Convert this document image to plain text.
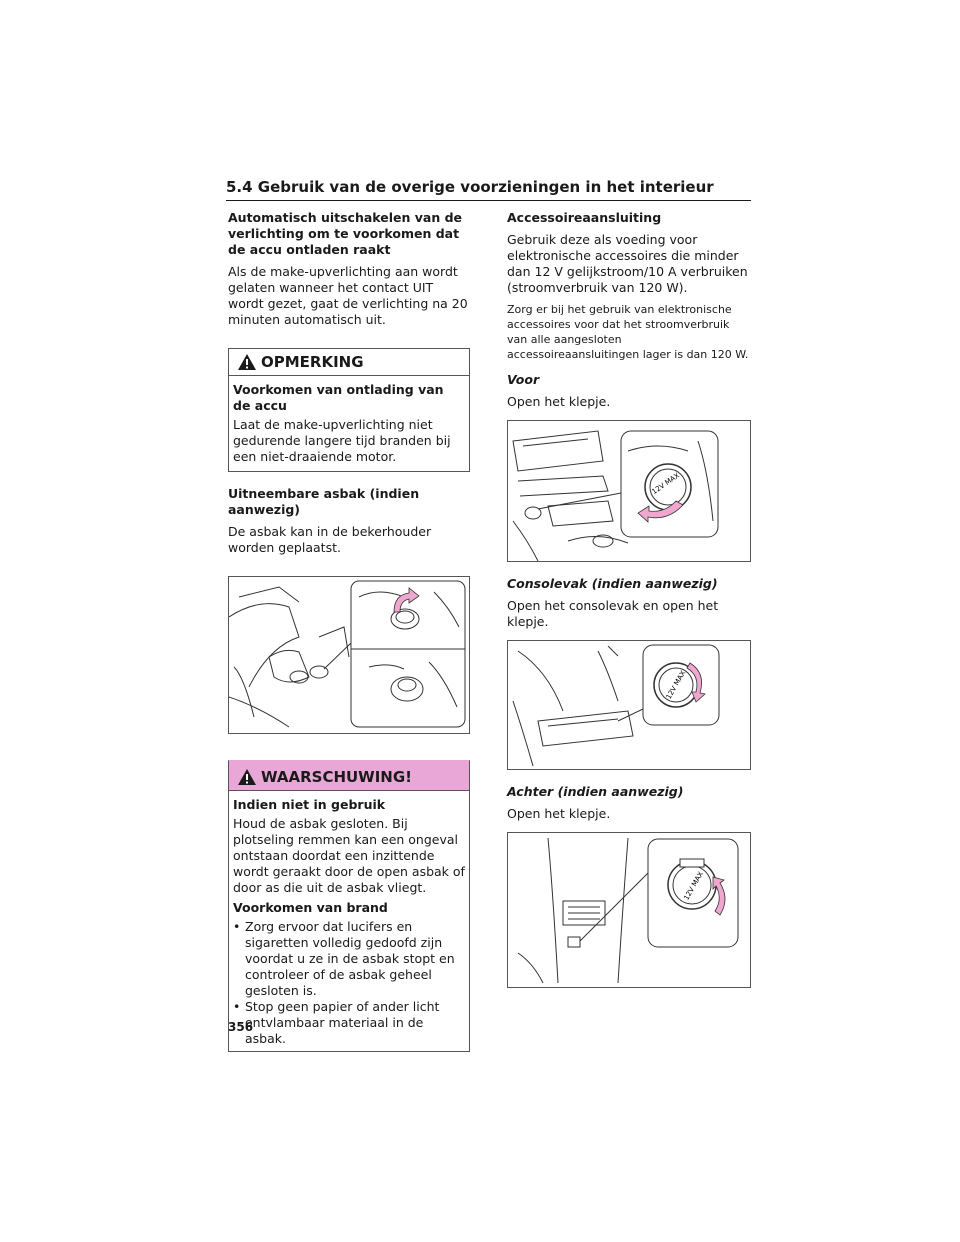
5.4 Gebruik van de overige voorzieningen in het interieur
Automatisch uitschakelen van de verlichting om te voorkomen dat de accu ontladen raakt

Als de make-upverlichting aan wordt gelaten wanneer het contact UIT wordt gezet, gaat de verlichting na 20 minuten automatisch uit.

OPMERKING
Voorkomen van ontlading van de accu

Laat de make-upverlichting niet gedurende langere tijd branden bij een niet-draaiende motor.

Uitneembare asbak (indien aanwezig)

De asbak kan in de bekerhouder worden geplaatst.

WAARSCHUWING!
Indien niet in gebruik

Houd de asbak gesloten. Bij plotseling remmen kan een ongeval ontstaan doordat een inzittende wordt geraakt door de open asbak of door as die uit de asbak vliegt.

Voorkomen van brand
• Zorg ervoor dat lucifers en sigaretten volledig gedoofd zijn voordat u ze in de asbak stopt en controleer of de asbak geheel gesloten is.
• Stop geen papier of ander licht ontvlambaar materiaal in de asbak.
Accessoireaansluiting

Gebruik deze als voeding voor elektronische accessoires die minder dan 12 V gelijkstroom/10 A verbruiken (stroomverbruik van 120 W).

Zorg er bij het gebruik van elektronische accessoires voor dat het stroomverbruik van alle aangesloten accessoireaansluitingen lager is dan 120 W.

Voor

Open het klepje.

12V MAX
Consolevak (indien aanwezig)

Open het consolevak en open het klepje.

12V MAX
Achter (indien aanwezig)

Open het klepje.

12V MAX
356
